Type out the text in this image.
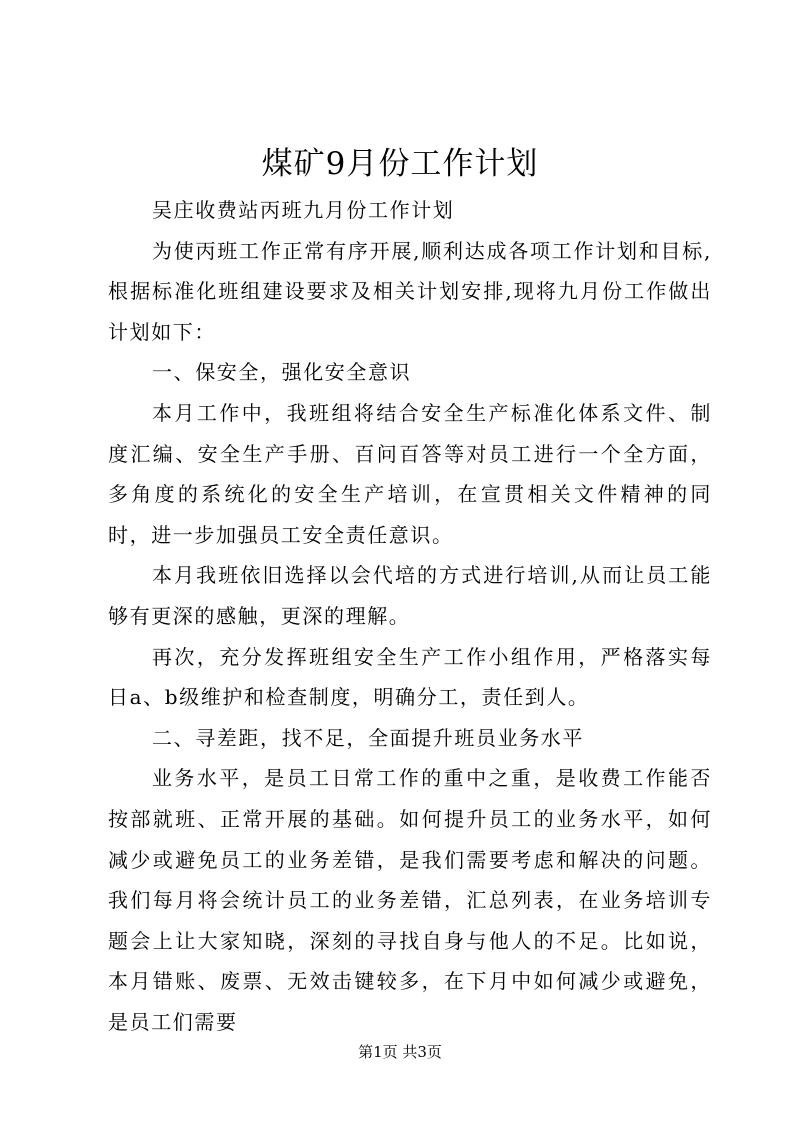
煤矿9月份工作计划

吴庄收费站丙班九月份工作计划

为使丙班工作正常有序开展,顺利达成各项工作计划和目标,根据标准化班组建设要求及相关计划安排,现将九月份工作做出计划如下：

一、保安全，强化安全意识

本月工作中，我班组将结合安全生产标准化体系文件、制度汇编、安全生产手册、百问百答等对员工进行一个全方面，多角度的系统化的安全生产培训，在宣贯相关文件精神的同时，进一步加强员工安全责任意识。

本月我班依旧选择以会代培的方式进行培训,从而让员工能够有更深的感触，更深的理解。

再次，充分发挥班组安全生产工作小组作用，严格落实每日a、b级维护和检查制度，明确分工，责任到人。

二、寻差距，找不足，全面提升班员业务水平

业务水平，是员工日常工作的重中之重，是收费工作能否按部就班、正常开展的基础。如何提升员工的业务水平，如何减少或避免员工的业务差错，是我们需要考虑和解决的问题。我们每月将会统计员工的业务差错，汇总列表，在业务培训专题会上让大家知晓，深刻的寻找自身与他人的不足。比如说，本月错账、废票、无效击键较多，在下月中如何减少或避免，是员工们需要

第1页 共3页
